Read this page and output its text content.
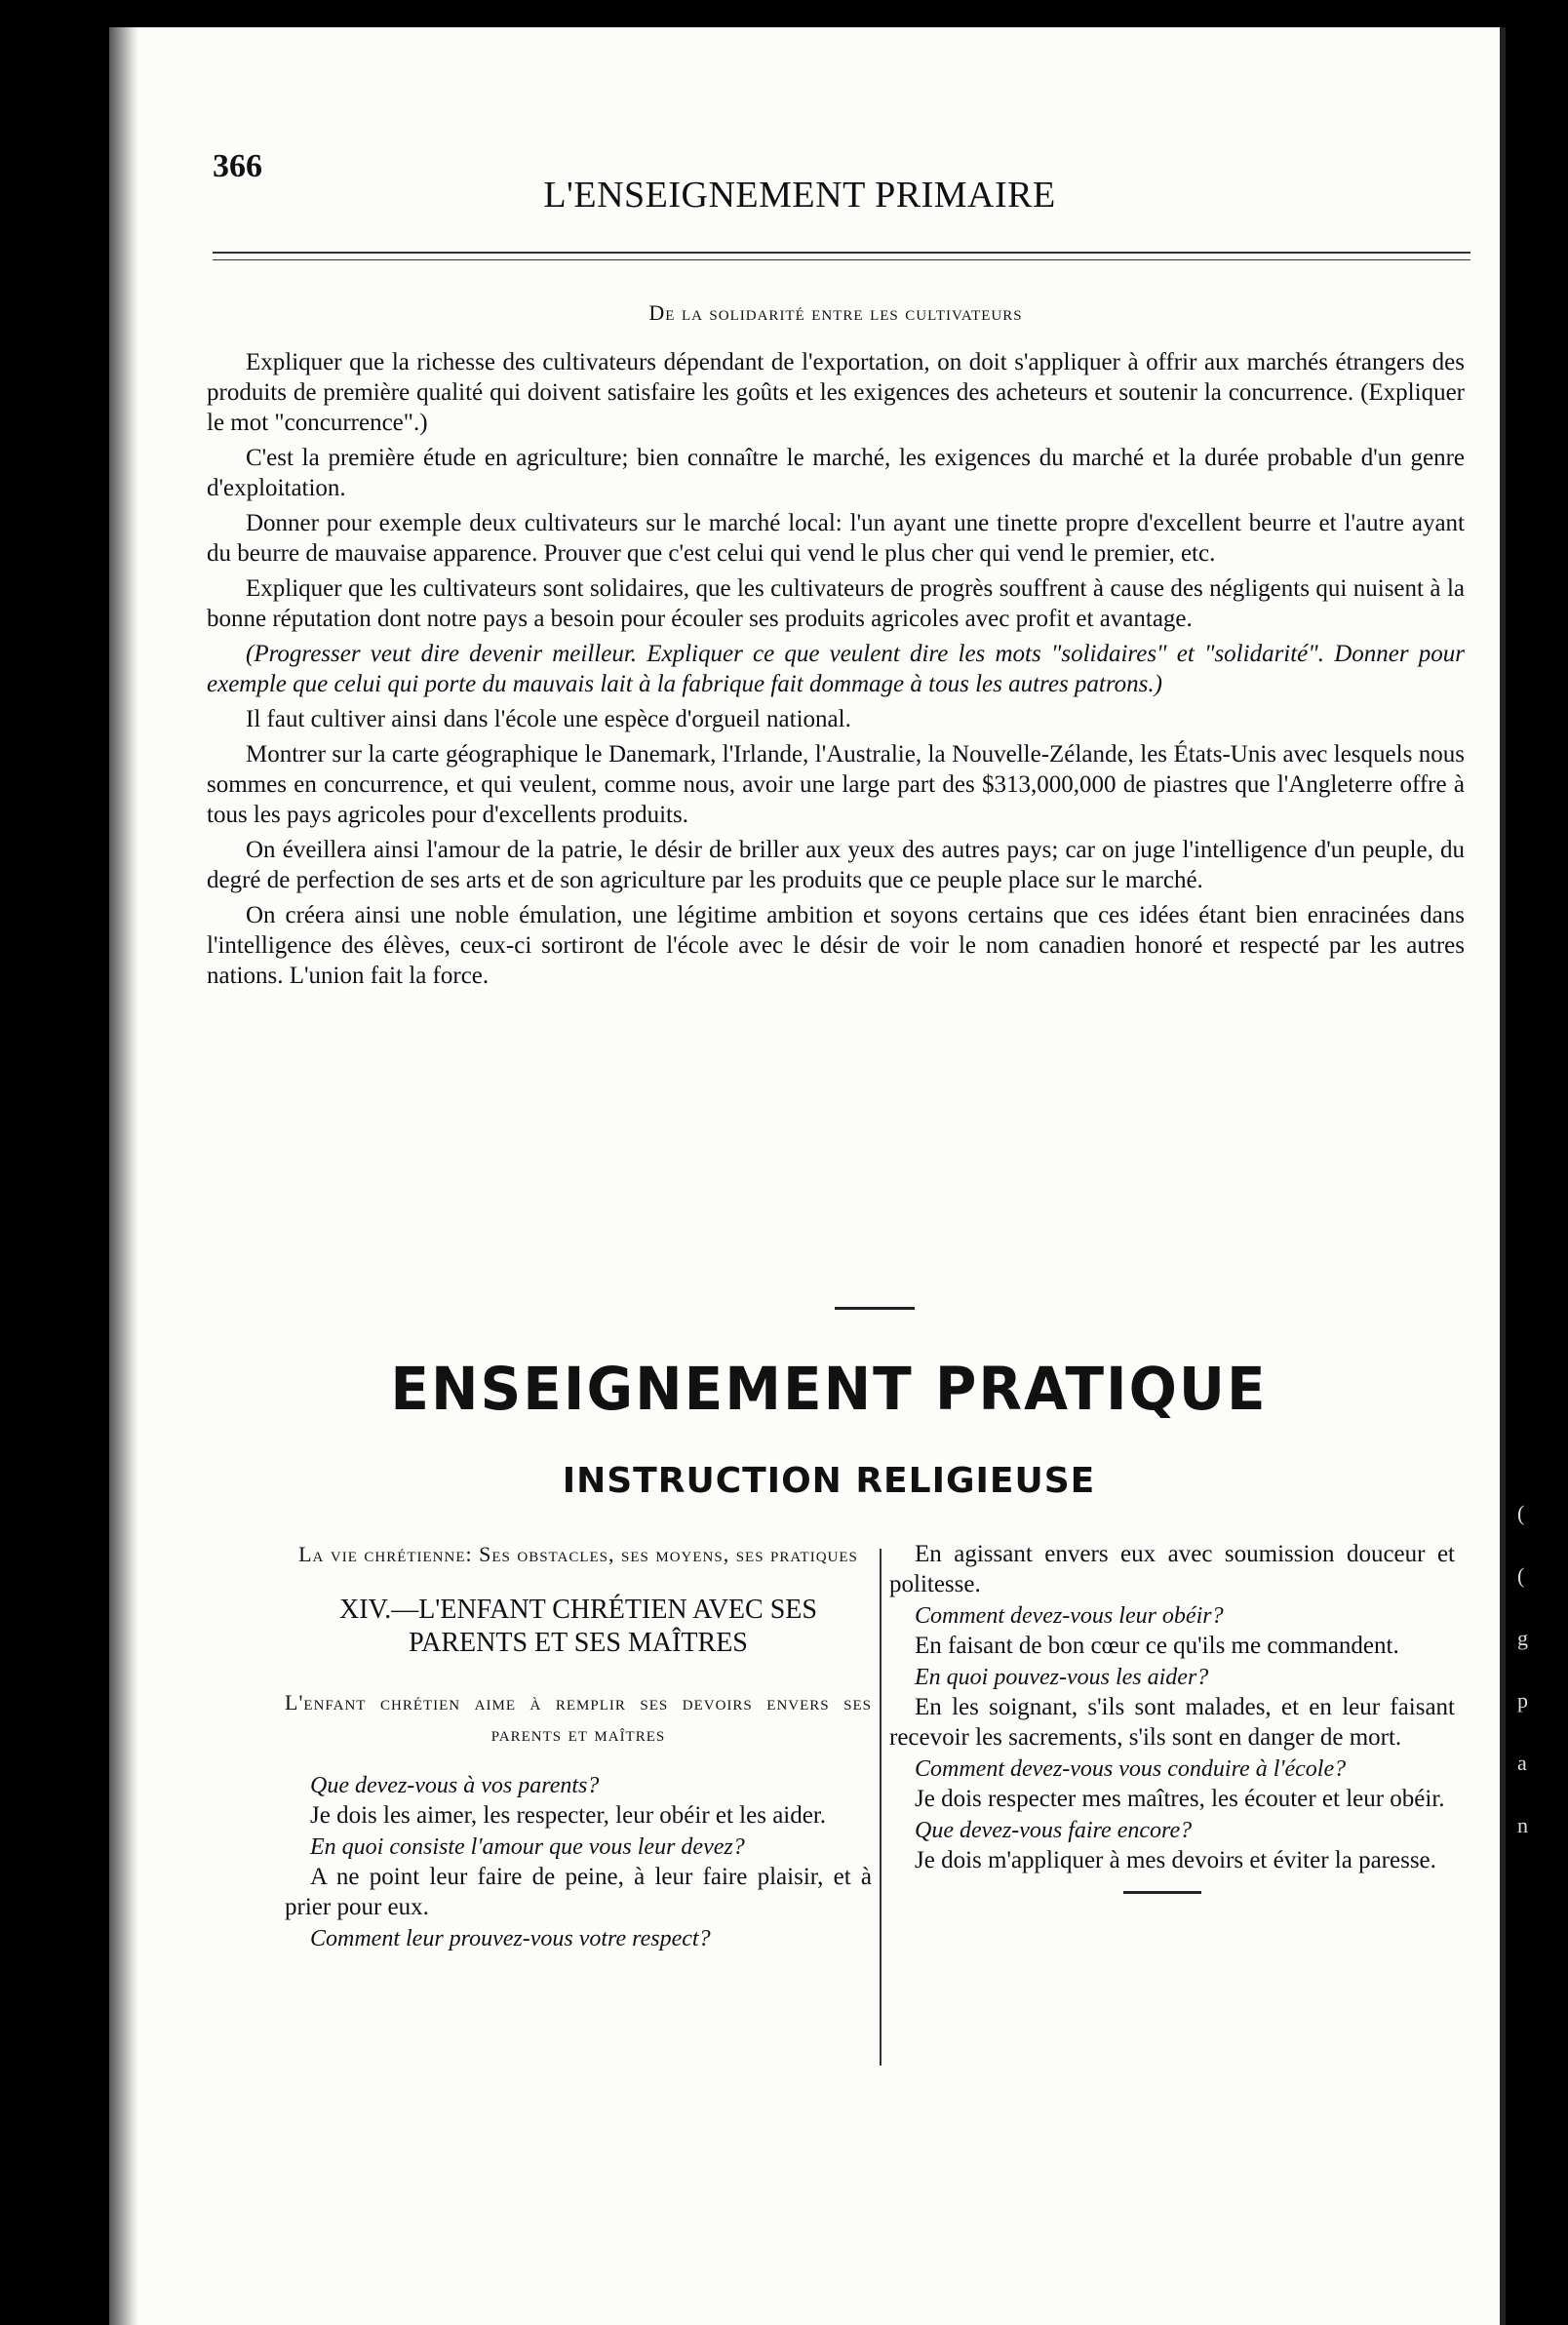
366
L'ENSEIGNEMENT PRIMAIRE
De la solidarité entre les cultivateurs

Expliquer que la richesse des cultivateurs dépendant de l'exportation, on doit s'appliquer à offrir aux marchés étrangers des produits de première qualité qui doivent satisfaire les goûts et les exigences des acheteurs et soutenir la concurrence. (Expliquer le mot "concurrence".)

C'est la première étude en agriculture; bien connaître le marché, les exigences du marché et la durée probable d'un genre d'exploitation.

Donner pour exemple deux cultivateurs sur le marché local: l'un ayant une tinette propre d'excellent beurre et l'autre ayant du beurre de mauvaise apparence. Prouver que c'est celui qui vend le plus cher qui vend le premier, etc.

Expliquer que les cultivateurs sont solidaires, que les cultivateurs de progrès souffrent à cause des négligents qui nuisent à la bonne réputation dont notre pays a besoin pour écouler ses produits agricoles avec profit et avantage.

(Progresser veut dire devenir meilleur. Expliquer ce que veulent dire les mots "solidaires" et "solidarité". Donner pour exemple que celui qui porte du mauvais lait à la fabrique fait dommage à tous les autres patrons.)

Il faut cultiver ainsi dans l'école une espèce d'orgueil national.

Montrer sur la carte géographique le Danemark, l'Irlande, l'Australie, la Nouvelle-Zélande, les États-Unis avec lesquels nous sommes en concurrence, et qui veulent, comme nous, avoir une large part des $313,000,000 de piastres que l'Angleterre offre à tous les pays agricoles pour d'excellents produits.

On éveillera ainsi l'amour de la patrie, le désir de briller aux yeux des autres pays; car on juge l'intelligence d'un peuple, du degré de perfection de ses arts et de son agriculture par les produits que ce peuple place sur le marché.

On créera ainsi une noble émulation, une légitime ambition et soyons certains que ces idées étant bien enracinées dans l'intelligence des élèves, ceux-ci sortiront de l'école avec le désir de voir le nom canadien honoré et respecté par les autres nations. L'union fait la force.

ENSEIGNEMENT PRATIQUE
INSTRUCTION RELIGIEUSE
La vie chrétienne: Ses obstacles, ses moyens, ses pratiques
XIV.—L'ENFANT CHRÉTIEN AVEC SES PARENTS ET SES MAÎTRES
L'enfant chrétien aime à remplir ses devoirs envers ses parents et maîtres

Que devez-vous à vos parents?

Je dois les aimer, les respecter, leur obéir et les aider.

En quoi consiste l'amour que vous leur devez?

A ne point leur faire de peine, à leur faire plaisir, et à prier pour eux.

Comment leur prouvez-vous votre respect?

En agissant envers eux avec soumission douceur et politesse.

Comment devez-vous leur obéir?

En faisant de bon cœur ce qu'ils me commandent.

En quoi pouvez-vous les aider?

En les soignant, s'ils sont malades, et en leur faisant recevoir les sacrements, s'ils sont en danger de mort.

Comment devez-vous vous conduire à l'école?

Je dois respecter mes maîtres, les écouter et leur obéir.

Que devez-vous faire encore?

Je dois m'appliquer à mes devoirs et éviter la paresse.

(
(
g
p
a
n
